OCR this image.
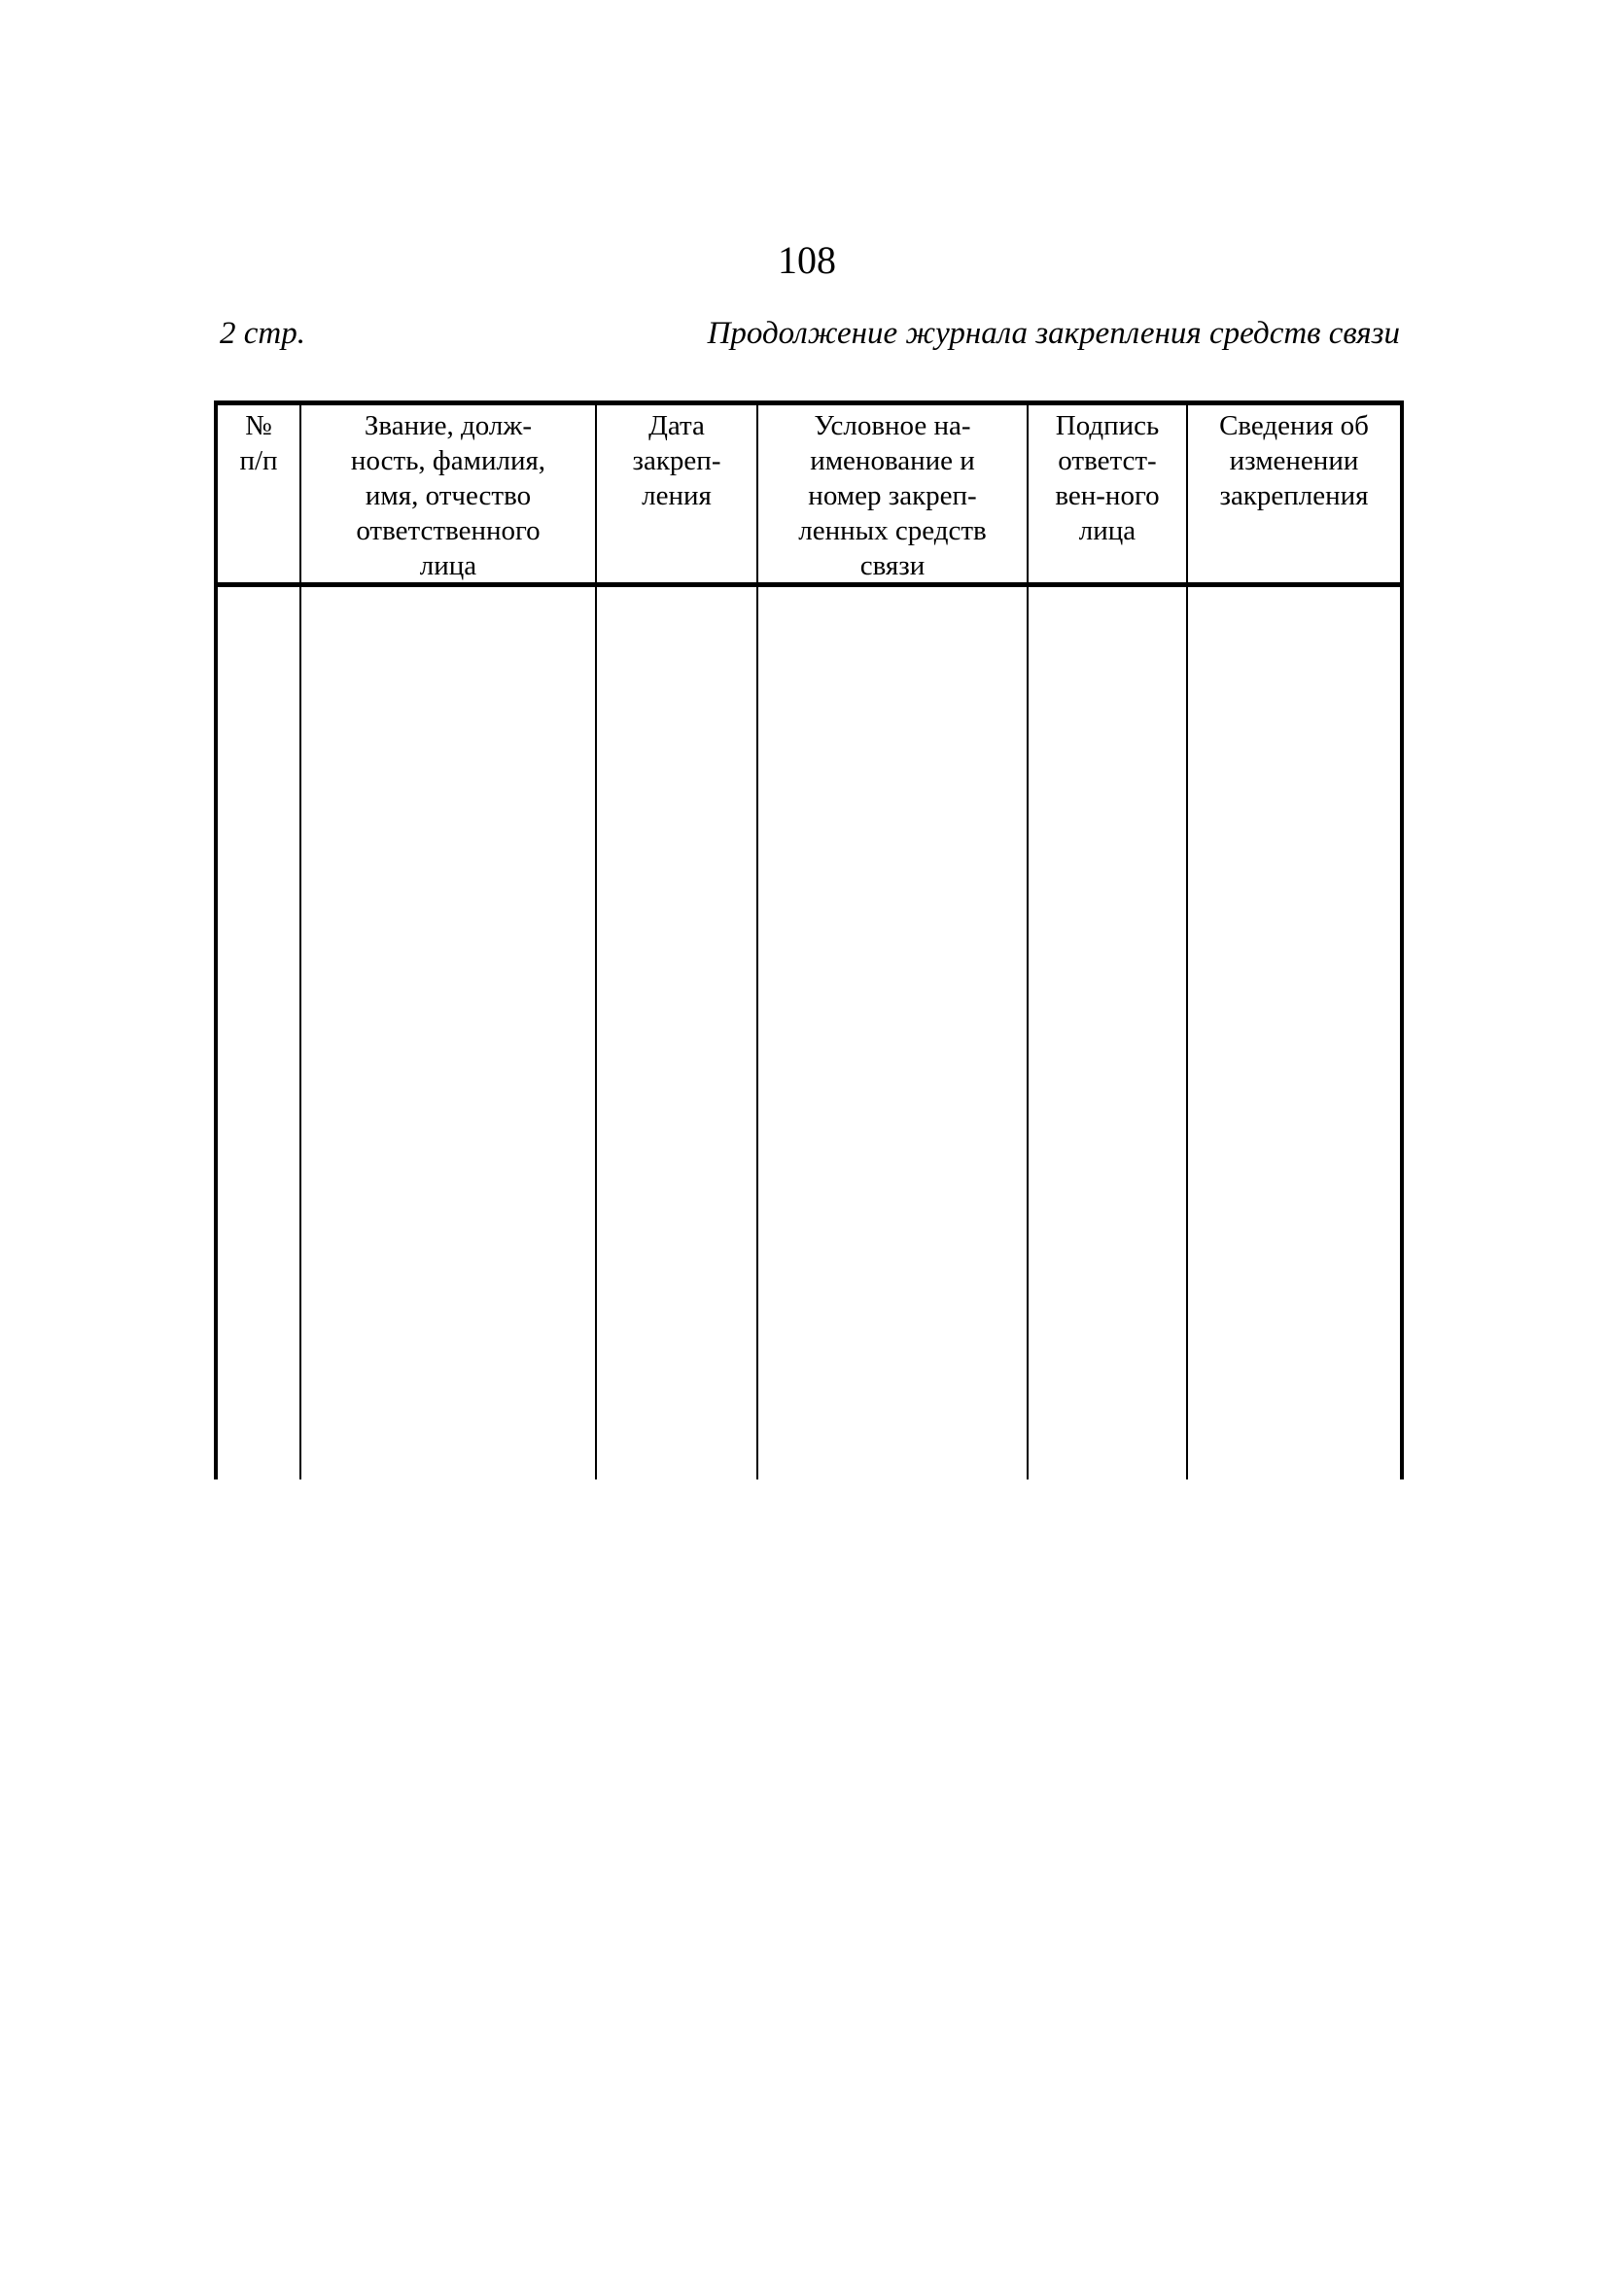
108
2 стр.	Продолжение журнала закрепления средств связи
№
п/п
Звание, долж-
ность, фамилия,
имя, отчество
ответственного
лица
Дата
закреп-
ления
Условное на-
именование и
номер закреп-
ленных средств
связи
Подпись
ответст-
вен-ного
лица
Сведения об
изменении
закрепления
